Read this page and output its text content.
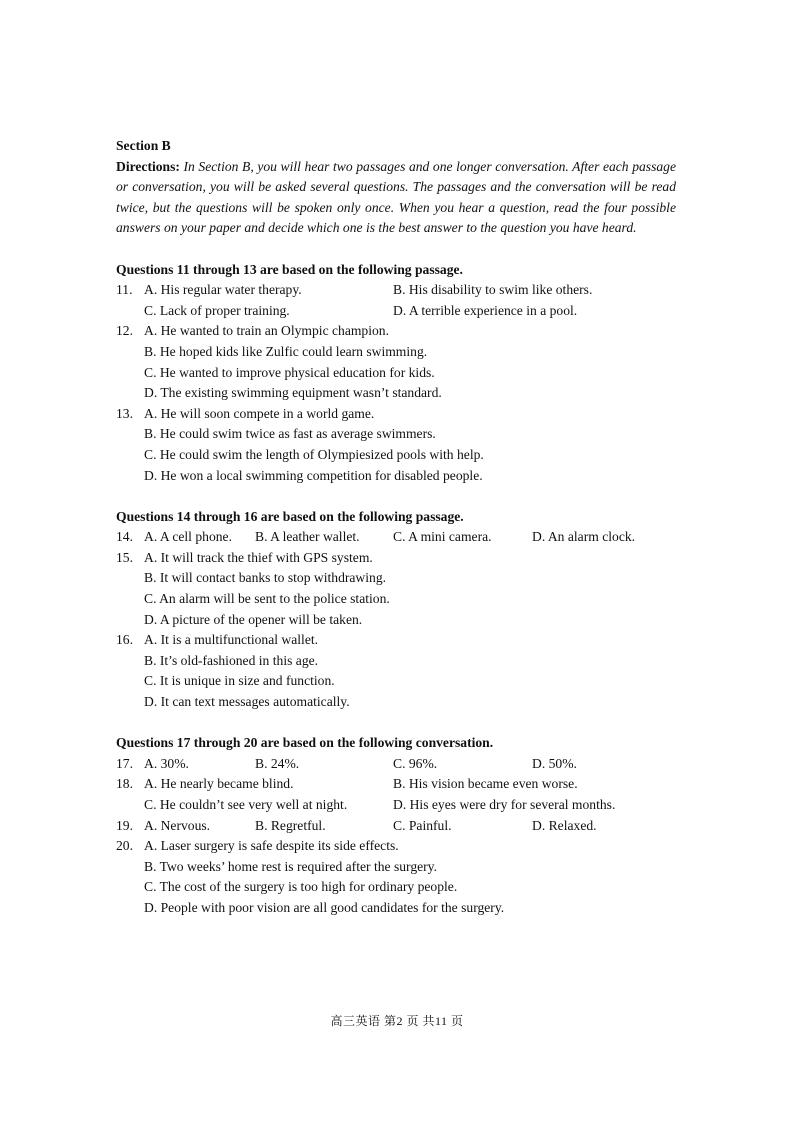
Section B
Directions: In Section B, you will hear two passages and one longer conversation. After each passage or conversation, you will be asked several questions. The passages and the conversation will be read twice, but the questions will be spoken only once. When you hear a question, read the four possible answers on your paper and decide which one is the best answer to the question you have heard.
Questions 11 through 13 are based on the following passage.
11. A. His regular water therapy.	B. His disability to swim like others.
C. Lack of proper training.	D. A terrible experience in a pool.
12. A. He wanted to train an Olympic champion.
B. He hoped kids like Zulfic could learn swimming.
C. He wanted to improve physical education for kids.
D. The existing swimming equipment wasn’t standard.
13. A. He will soon compete in a world game.
B. He could swim twice as fast as average swimmers.
C. He could swim the length of Olympiesized pools with help.
D. He won a local swimming competition for disabled people.
Questions 14 through 16 are based on the following passage.
14. A. A cell phone. B. A leather wallet. C. A mini camera.	D. An alarm clock.
15. A. It will track the thief with GPS system.
B. It will contact banks to stop withdrawing.
C. An alarm will be sent to the police station.
D. A picture of the opener will be taken.
16. A. It is a multifunctional wallet.
B. It’s old-fashioned in this age.
C. It is unique in size and function.
D. It can text messages automatically.
Questions 17 through 20 are based on the following conversation.
17. A. 30%.	B. 24%.	C. 96%.	D. 50%.
18. A. He nearly became blind.	B. His vision became even worse.
C. He couldn’t see very well at night.	D. His eyes were dry for several months.
19. A. Nervous.	B. Regretful.	C. Painful.	D. Relaxed.
20. A. Laser surgery is safe despite its side effects.
B. Two weeks’ home rest is required after the surgery.
C. The cost of the surgery is too high for ordinary people.
D. People with poor vision are all good candidates for the surgery.
高三英语 第2 页 共11 页
